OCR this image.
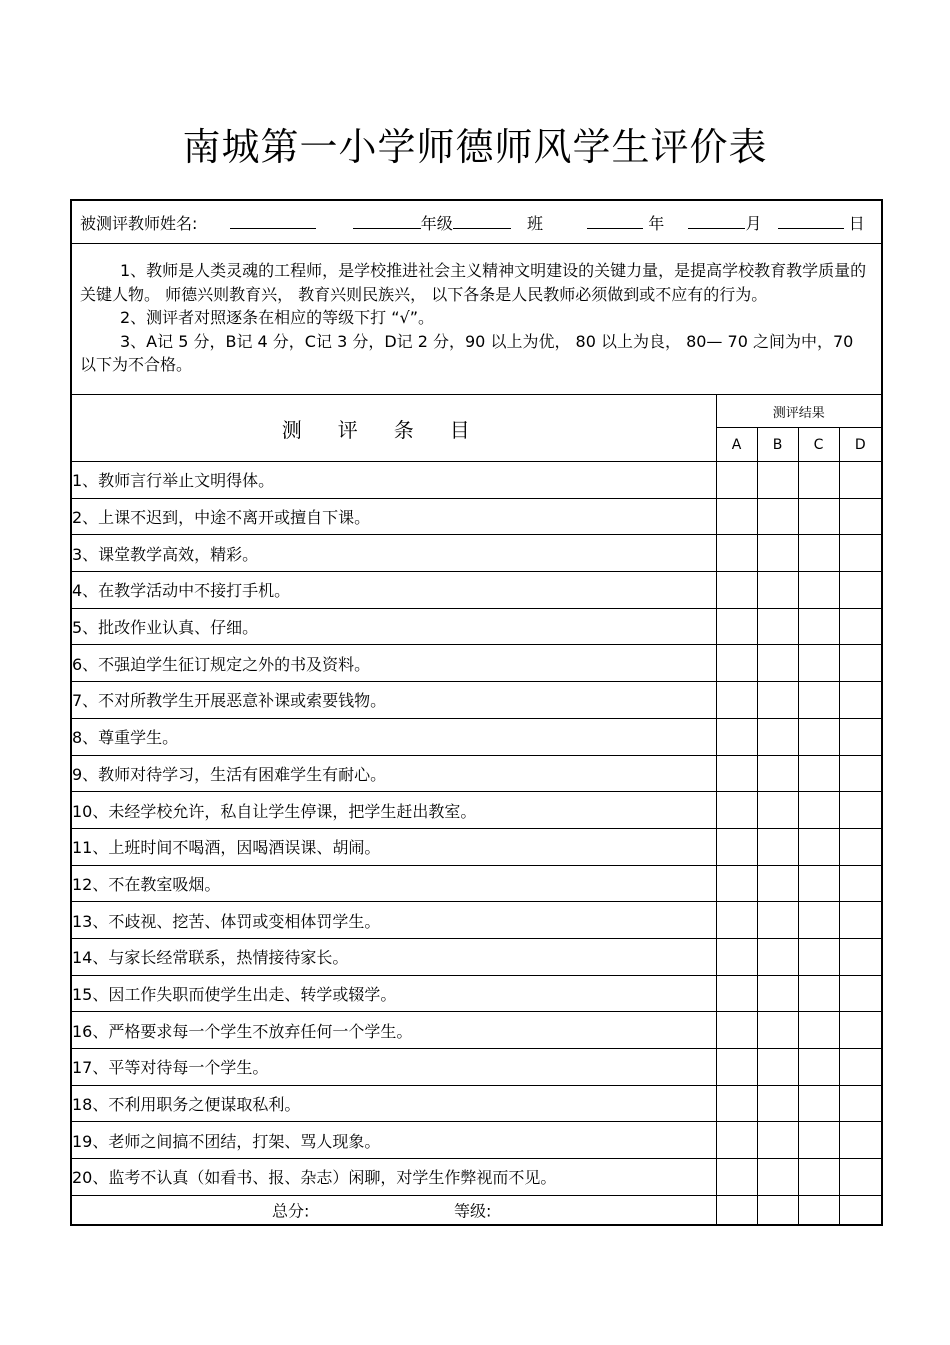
南城第一小学师德师风学生评价表
被测评教师姓名: 年级 班 年 月 日				

1、教师是人类灵魂的工程师，是学校推进社会主义精神文明建设的关键力量，是提高学校教育教学质量的关键人物。 师德兴则教育兴， 教育兴则民族兴， 以下各条是人民教师必须做到或不应有的行为。

2、测评者对照逐条在相应的等级下打 “√”。

3、A记 5 分，B记 4 分，C记 3 分，D记 2 分，90 以上为优， 80 以上为良， 80— 70 之间为中，70 以下为不合格。				

测评条目	测评结果			
	A	B	C	D
1、教师言行举止文明得体。				
2、上课不迟到，中途不离开或擅自下课。				
3、课堂教学高效，精彩。				
4、在教学活动中不接打手机。				
5、批改作业认真、仔细。				
6、不强迫学生征订规定之外的书及资料。				
7、不对所教学生开展恶意补课或索要钱物。				
8、尊重学生。				
9、教师对待学习，生活有困难学生有耐心。				
10、未经学校允许，私自让学生停课，把学生赶出教室。				
11、上班时间不喝酒，因喝酒误课、胡闹。				
12、不在教室吸烟。				
13、不歧视、挖苦、体罚或变相体罚学生。				
14、与家长经常联系，热情接待家长。				
15、因工作失职而使学生出走、转学或辍学。				
16、严格要求每一个学生不放弃任何一个学生。				
17、平等对待每一个学生。				
18、不利用职务之便谋取私利。				
19、老师之间搞不团结，打架、骂人现象。				
20、监考不认真（如看书、报、杂志）闲聊，对学生作弊视而不见。				

总分: 等级:				
